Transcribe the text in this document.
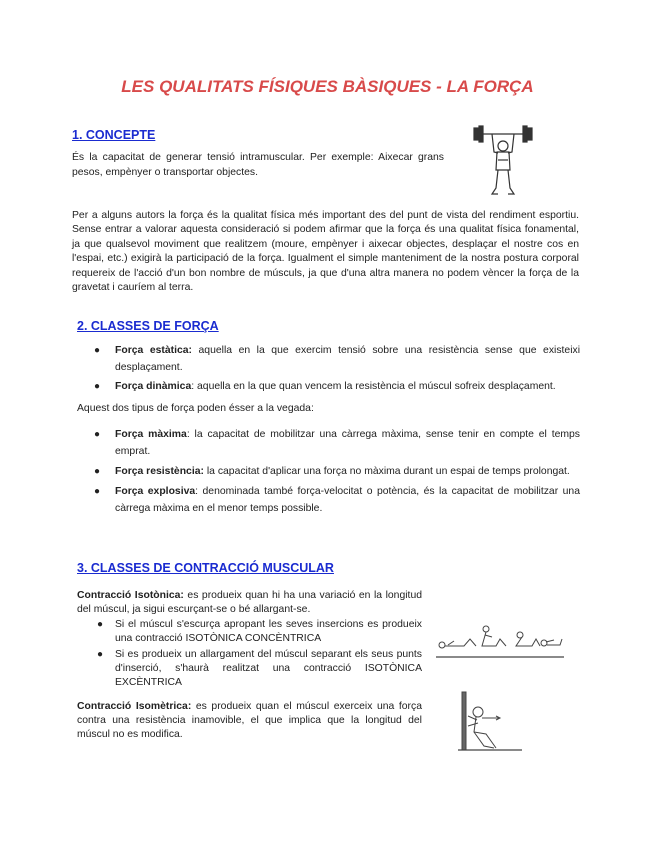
LES QUALITATS FÍSIQUES BÀSIQUES - LA FORÇA
1. CONCEPTE
És la capacitat de generar tensió intramuscular. Per exemple: Aixecar grans pesos, empènyer o transportar objectes.
Per a alguns autors la força és la qualitat física més important des del punt de vista del rendiment esportiu. Sense entrar a valorar aquesta consideració si podem afirmar que la força és una qualitat física fonamental, ja que qualsevol moviment que realitzem (moure, empènyer i aixecar objectes, desplaçar el nostre cos en l'espai, etc.) exigirà la participació de la força. Igualment el simple manteniment de la nostra postura corporal requereix de l'acció d'un bon nombre de músculs, ja que d'una altra manera no podem vèncer la força de la gravetat i cauríem al terra.
2. CLASSES DE FORÇA
● Força estàtica: aquella en la que exercim tensió sobre una resistència sense que existeixi desplaçament.
● Força dinàmica: aquella en la que quan vencem la resistència el múscul sofreix desplaçament.
Aquest dos tipus de força poden ésser a la vegada:
● Força màxima: la capacitat de mobilitzar una càrrega màxima, sense tenir en compte el temps emprat.
● Força resistència: la capacitat d'aplicar una força no màxima durant un espai de temps prolongat.
● Força explosiva: denominada també força-velocitat o potència, és la capacitat de mobilitzar una càrrega màxima en el menor temps possible.
3. CLASSES DE CONTRACCIÓ MUSCULAR
Contracció Isotònica: es produeix quan hi ha una variació en la longitud del múscul, ja sigui escurçant-se o bé allargant-se.
● Si el múscul s'escurça apropant les seves insercions es produeix una contracció ISOTÒNICA CONCÈNTRICA
● Si es produeix un allargament del múscul separant els seus punts d'inserció, s'haurà realitzat una contracció ISOTÒNICA EXCÈNTRICA
Contracció Isomètrica: es produeix quan el múscul exerceix una força contra una resistència inamovible, el que implica que la longitud del múscul no es modifica.
